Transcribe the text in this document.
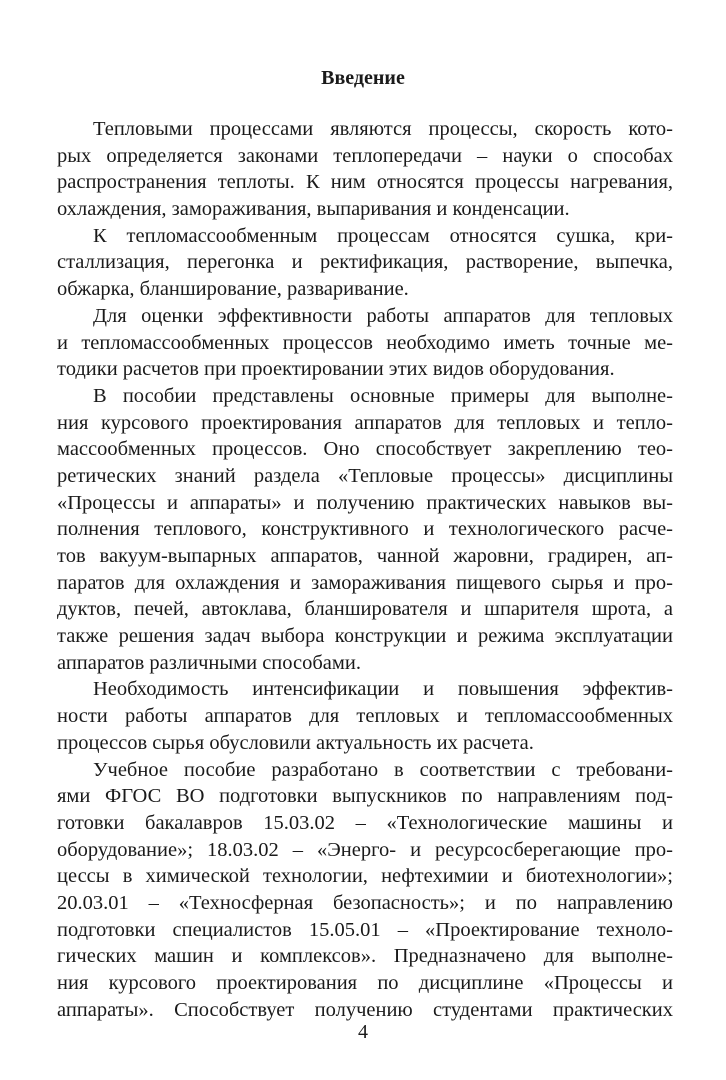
Введение
Тепловыми процессами являются процессы, скорость кото-
рых определяется законами теплопередачи – науки о способах
распространения теплоты. К ним относятся процессы нагревания,
охлаждения, замораживания, выпаривания и конденсации.
К тепломассообменным процессам относятся сушка, кри-
сталлизация, перегонка и ректификация, растворение, выпечка,
обжарка, бланширование, разваривание.
Для оценки эффективности работы аппаратов для тепловых
и тепломассообменных процессов необходимо иметь точные ме-
тодики расчетов при проектировании этих видов оборудования.
В пособии представлены основные примеры для выполне-
ния курсового проектирования аппаратов для тепловых и тепло-
массообменных процессов. Оно способствует закреплению тео-
ретических знаний раздела «Тепловые процессы» дисциплины
«Процессы и аппараты» и получению практических навыков вы-
полнения теплового, конструктивного и технологического расче-
тов вакуум-выпарных аппаратов, чанной жаровни, градирен, ап-
паратов для охлаждения и замораживания пищевого сырья и про-
дуктов, печей, автоклава, бланширователя и шпарителя шрота, а
также решения задач выбора конструкции и режима эксплуатации
аппаратов различными способами.
Необходимость интенсификации и повышения эффектив-
ности работы аппаратов для тепловых и тепломассообменных
процессов сырья обусловили актуальность их расчета.
Учебное пособие разработано в соответствии с требовани-
ями ФГОС ВО подготовки выпускников по направлениям под-
готовки бакалавров 15.03.02 – «Технологические машины и
оборудование»; 18.03.02 – «Энерго- и ресурсосберегающие про-
цессы в химической технологии, нефтехимии и биотехнологии»;
20.03.01 – «Техносферная безопасность»; и по направлению
подготовки специалистов 15.05.01 – «Проектирование техноло-
гических машин и комплексов». Предназначено для выполне-
ния курсового проектирования по дисциплине «Процессы и
аппараты». Способствует получению студентами практических

4
